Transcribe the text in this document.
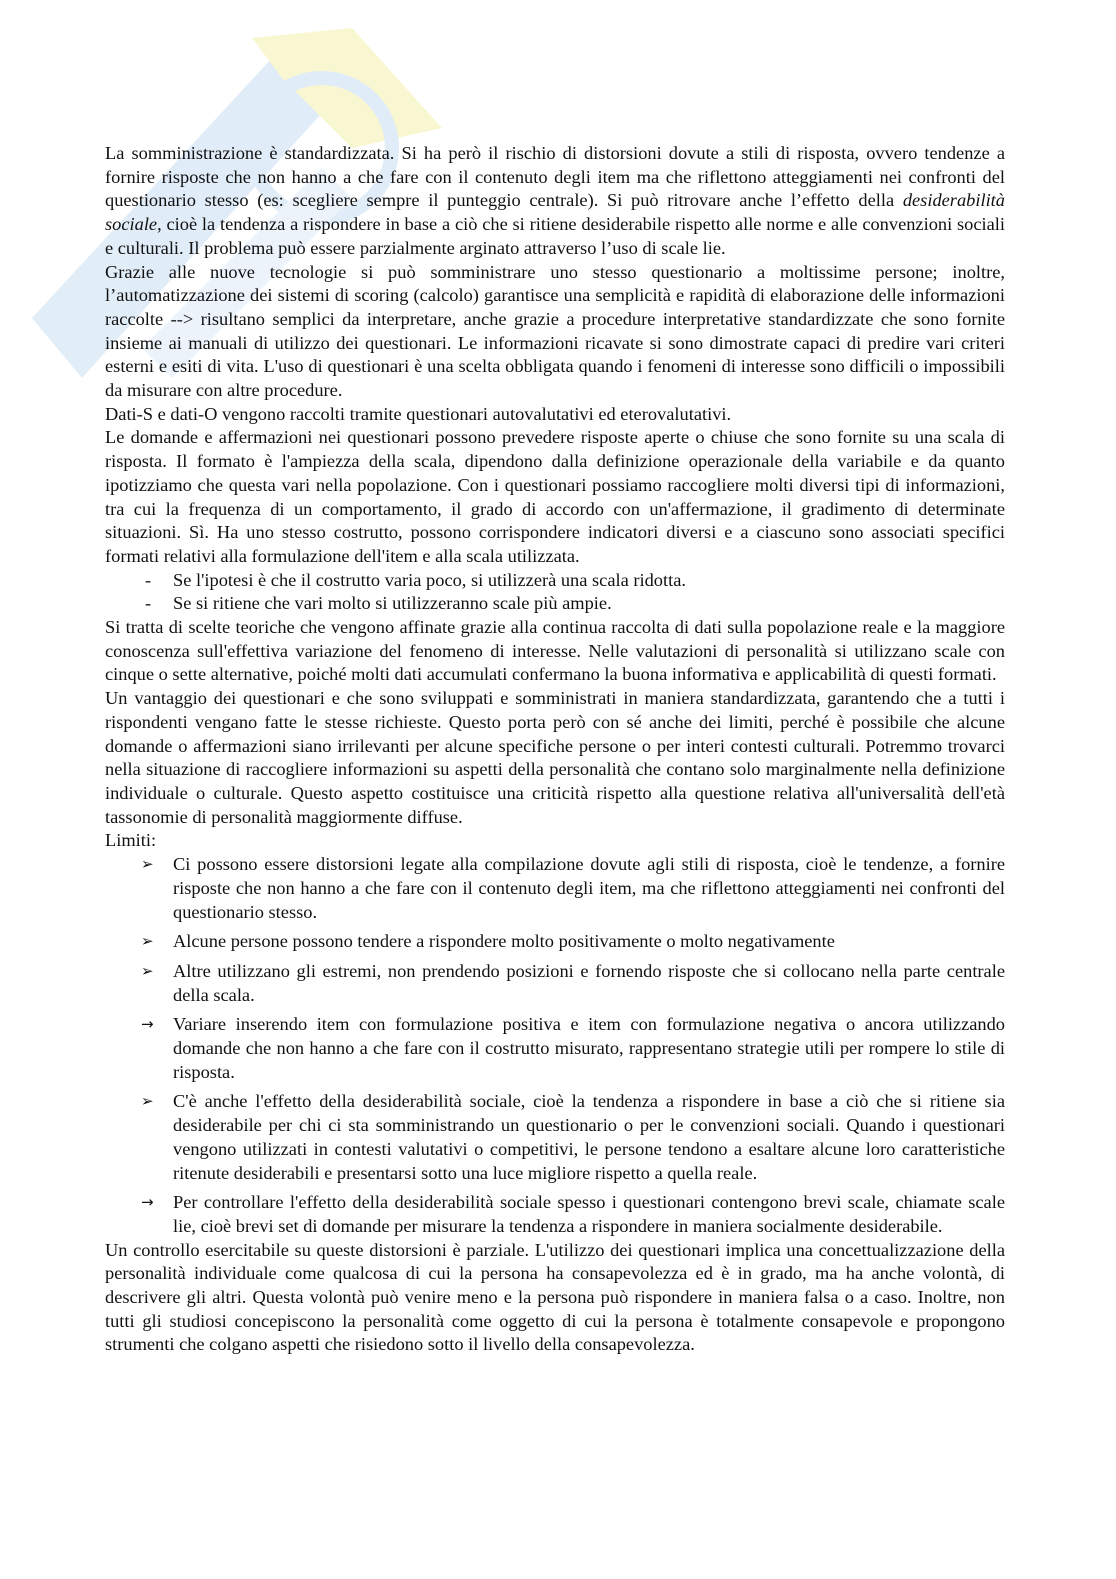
La somministrazione è standardizzata. Si ha però il rischio di distorsioni dovute a stili di risposta, ovvero tendenze a fornire risposte che non hanno a che fare con il contenuto degli item ma che riflettono atteggiamenti nei confronti del questionario stesso (es: scegliere sempre il punteggio centrale). Si può ritrovare anche l’effetto della desiderabilità sociale, cioè la tendenza a rispondere in base a ciò che si ritiene desiderabile rispetto alle norme e alle convenzioni sociali e culturali. Il problema può essere parzialmente arginato attraverso l’uso di scale lie.

Grazie alle nuove tecnologie si può somministrare uno stesso questionario a moltissime persone; inoltre, l’automatizzazione dei sistemi di scoring (calcolo) garantisce una semplicità e rapidità di elaborazione delle informazioni raccolte --> risultano semplici da interpretare, anche grazie a procedure interpretative standardizzate che sono fornite insieme ai manuali di utilizzo dei questionari. Le informazioni ricavate si sono dimostrate capaci di predire vari criteri esterni e esiti di vita. L'uso di questionari è una scelta obbligata quando i fenomeni di interesse sono difficili o impossibili da misurare con altre procedure.

Dati-S e dati-O vengono raccolti tramite questionari autovalutativi ed eterovalutativi.

Le domande e affermazioni nei questionari possono prevedere risposte aperte o chiuse che sono fornite su una scala di risposta. Il formato è l'ampiezza della scala, dipendono dalla definizione operazionale della variabile e da quanto ipotizziamo che questa vari nella popolazione. Con i questionari possiamo raccogliere molti diversi tipi di informazioni, tra cui la frequenza di un comportamento, il grado di accordo con un'affermazione, il gradimento di determinate situazioni. Sì. Ha uno stesso costrutto, possono corrispondere indicatori diversi e a ciascuno sono associati specifici formati relativi alla formulazione dell'item e alla scala utilizzata.

-	Se l'ipotesi è che il costrutto varia poco, si utilizzerà una scala ridotta.
-	Se si ritiene che vari molto si utilizzeranno scale più ampie.

Si tratta di scelte teoriche che vengono affinate grazie alla continua raccolta di dati sulla popolazione reale e la maggiore conoscenza sull'effettiva variazione del fenomeno di interesse. Nelle valutazioni di personalità si utilizzano scale con cinque o sette alternative, poiché molti dati accumulati confermano la buona informativa e applicabilità di questi formati.

Un vantaggio dei questionari e che sono sviluppati e somministrati in maniera standardizzata, garantendo che a tutti i rispondenti vengano fatte le stesse richieste. Questo porta però con sé anche dei limiti, perché è possibile che alcune domande o affermazioni siano irrilevanti per alcune specifiche persone o per interi contesti culturali. Potremmo trovarci nella situazione di raccogliere informazioni su aspetti della personalità che contano solo marginalmente nella definizione individuale o culturale. Questo aspetto costituisce una criticità rispetto alla questione relativa all'universalità dell'età tassonomie di personalità maggiormente diffuse.

Limiti:

➢	Ci possono essere distorsioni legate alla compilazione dovute agli stili di risposta, cioè le tendenze, a fornire risposte che non hanno a che fare con il contenuto degli item, ma che riflettono atteggiamenti nei confronti del questionario stesso.
➢	Alcune persone possono tendere a rispondere molto positivamente o molto negativamente
➢	Altre utilizzano gli estremi, non prendendo posizioni e fornendo risposte che si collocano nella parte centrale della scala.
→	Variare inserendo item con formulazione positiva e item con formulazione negativa o ancora utilizzando domande che non hanno a che fare con il costrutto misurato, rappresentano strategie utili per rompere lo stile di risposta.
➢	C'è anche l'effetto della desiderabilità sociale, cioè la tendenza a rispondere in base a ciò che si ritiene sia desiderabile per chi ci sta somministrando un questionario o per le convenzioni sociali. Quando i questionari vengono utilizzati in contesti valutativi o competitivi, le persone tendono a esaltare alcune loro caratteristiche ritenute desiderabili e presentarsi sotto una luce migliore rispetto a quella reale.
→	Per controllare l'effetto della desiderabilità sociale spesso i questionari contengono brevi scale, chiamate scale lie, cioè brevi set di domande per misurare la tendenza a rispondere in maniera socialmente desiderabile.

Un controllo esercitabile su queste distorsioni è parziale. L'utilizzo dei questionari implica una concettualizzazione della personalità individuale come qualcosa di cui la persona ha consapevolezza ed è in grado, ma ha anche volontà, di descrivere gli altri. Questa volontà può venire meno e la persona può rispondere in maniera falsa o a caso. Inoltre, non tutti gli studiosi concepiscono la personalità come oggetto di cui la persona è totalmente consapevole e propongono strumenti che colgano aspetti che risiedono sotto il livello della consapevolezza.
